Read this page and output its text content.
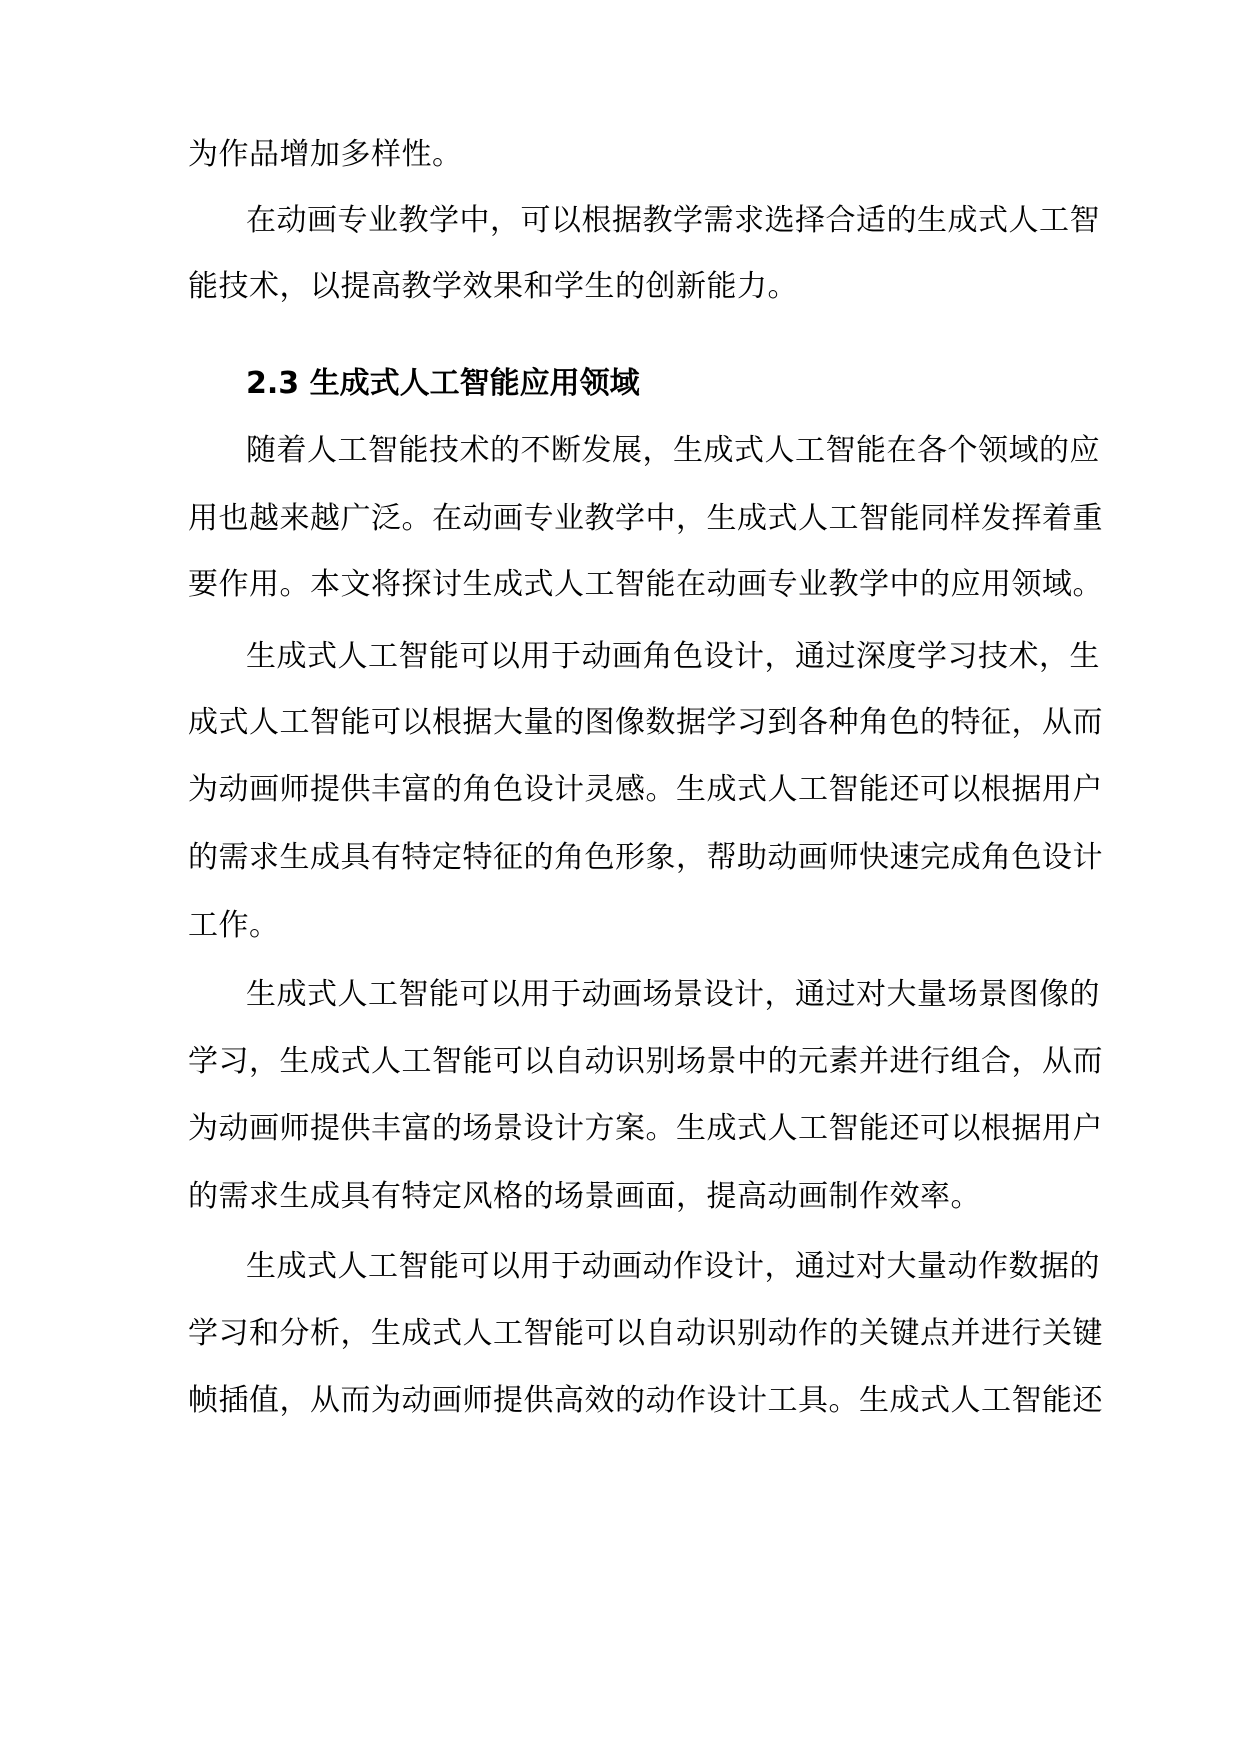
为作品增加多样性。
在动画专业教学中，可以根据教学需求选择合适的生成式人工智
能技术，以提高教学效果和学生的创新能力。
2.3 生成式人工智能应用领域
随着人工智能技术的不断发展，生成式人工智能在各个领域的应
用也越来越广泛。在动画专业教学中，生成式人工智能同样发挥着重
要作用。本文将探讨生成式人工智能在动画专业教学中的应用领域。
生成式人工智能可以用于动画角色设计，通过深度学习技术，生
成式人工智能可以根据大量的图像数据学习到各种角色的特征，从而
为动画师提供丰富的角色设计灵感。生成式人工智能还可以根据用户
的需求生成具有特定特征的角色形象，帮助动画师快速完成角色设计
工作。
生成式人工智能可以用于动画场景设计，通过对大量场景图像的
学习，生成式人工智能可以自动识别场景中的元素并进行组合，从而
为动画师提供丰富的场景设计方案。生成式人工智能还可以根据用户
的需求生成具有特定风格的场景画面，提高动画制作效率。
生成式人工智能可以用于动画动作设计，通过对大量动作数据的
学习和分析，生成式人工智能可以自动识别动作的关键点并进行关键
帧插值，从而为动画师提供高效的动作设计工具。生成式人工智能还
